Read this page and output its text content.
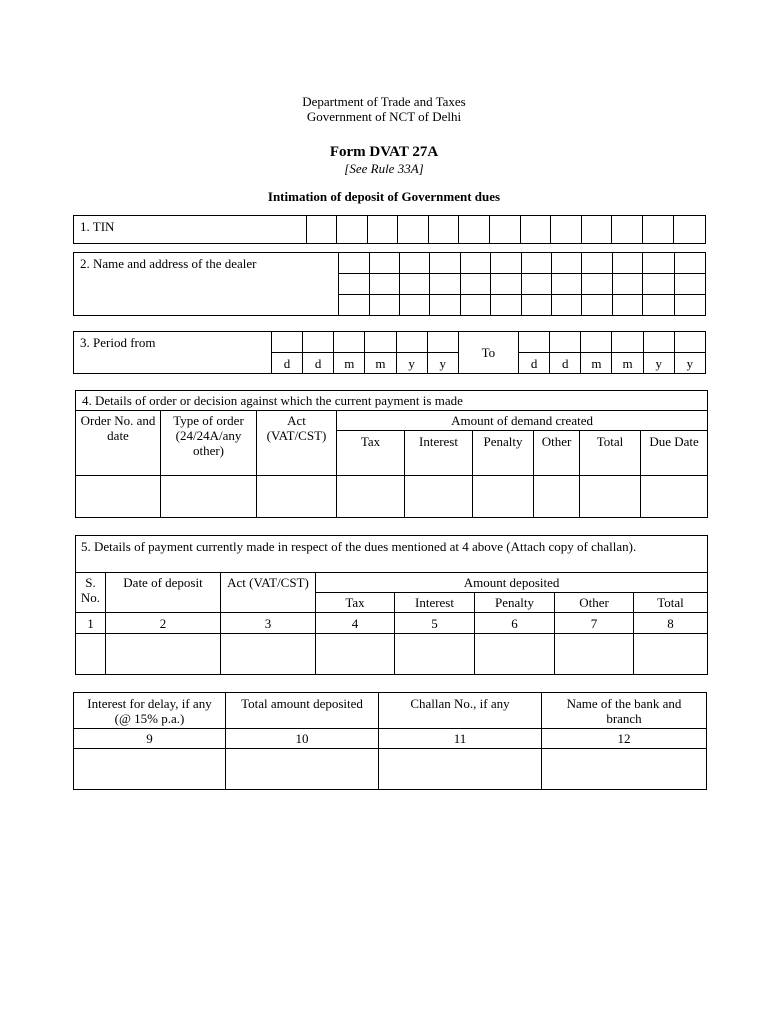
Department of Trade and Taxes
Government of NCT of Delhi
Form DVAT 27A
[See Rule 33A]
Intimation of deposit of Government dues
1. TIN													
2. Name and address of the dealer												

3. Period from							To						
	d	d	m	m	y	y		d	d	m	m	y	y
4. Details of order or decision against which the current payment is made								
Order No. and date	Type of order (24/24A/any other)	Act (VAT/CST)	Amount of demand created					
			Tax	Interest	Penalty	Other	Total	Due Date

5. Details of payment currently made in respect of the dues mentioned at 4 above (Attach copy of challan).							
S. No.	Date of deposit	Act (VAT/CST)	Amount deposited				
			Tax	Interest	Penalty	Other	Total
1	2	3	4	5	6	7	8

Interest for delay, if any (@ 15% p.a.)	Total amount deposited	Challan No., if any	Name of the bank and branch
9	10	11	12
